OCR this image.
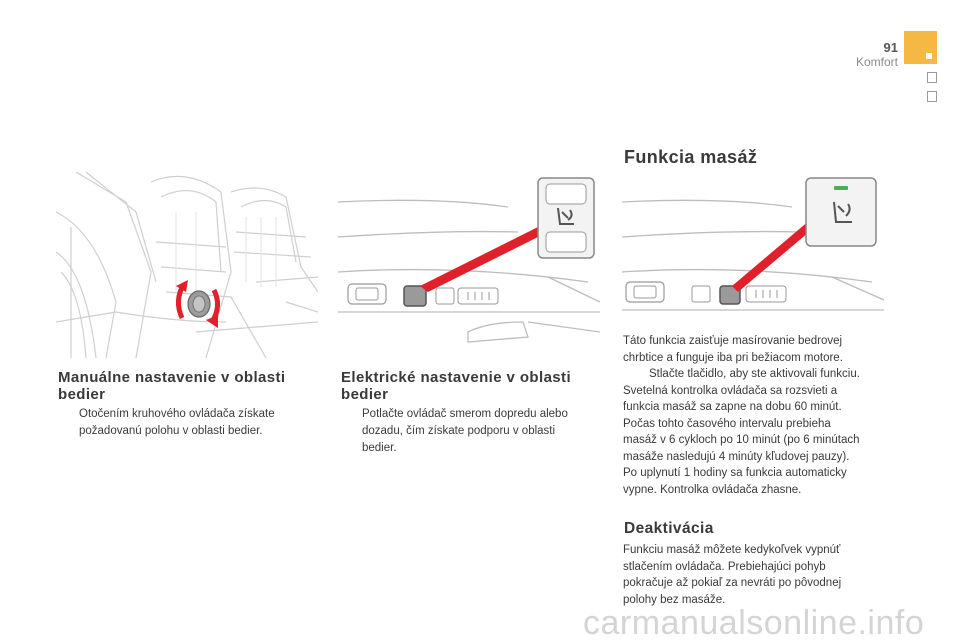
91
Komfort
Manuálne nastavenie v oblasti
bedier
Otočením kruhového ovládača získate
požadovanú polohu v oblasti bedier.
Elektrické nastavenie v oblasti
bedier
Potlačte ovládač smerom dopredu alebo
dozadu, čím získate podporu v oblasti
bedier.
Funkcia masáž
Táto funkcia zaisťuje masírovanie bedrovej
chrbtice a funguje iba pri bežiacom motore.
Stlačte tlačidlo, aby ste aktivovali funkciu.
Svetelná kontrolka ovládača sa rozsvieti a
funkcia masáž sa zapne na dobu 60 minút.
Počas tohto časového intervalu prebieha
masáž v 6 cykloch po 10 minút (po 6 minútach
masáže nasledujú 4 minúty kľudovej pauzy).
Po uplynutí 1 hodiny sa funkcia automaticky
vypne. Kontrolka ovládača zhasne.
Deaktivácia
Funkciu masáž môžete kedykoľvek vypnúť
stlačením ovládača. Prebiehajúci pohyb
pokračuje až pokiaľ za nevráti po pôvodnej
polohy bez masáže.
carmanualsonline.info
